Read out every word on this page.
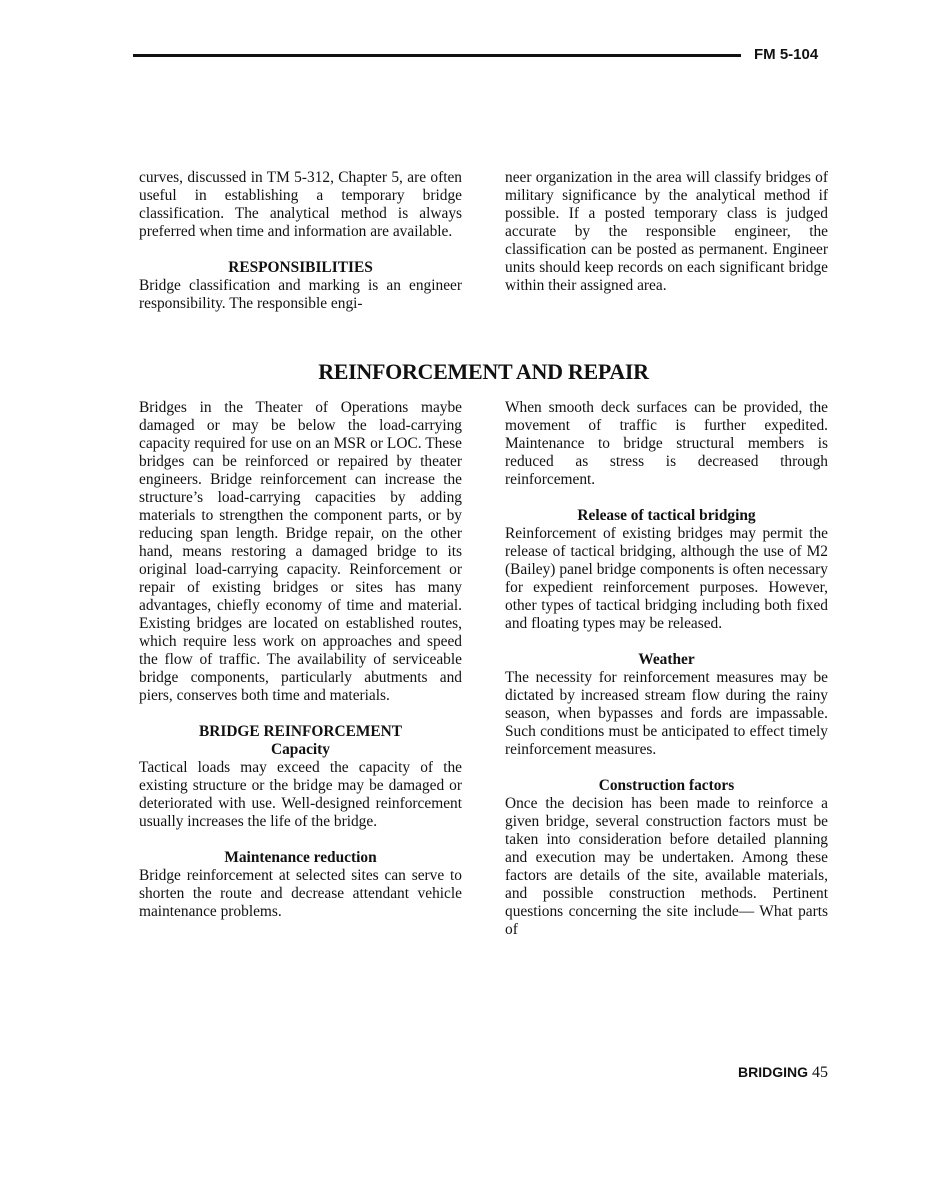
FM 5-104

curves, discussed in TM 5-312, Chapter 5, are often useful in establishing a temporary bridge classification. The analytical method is always preferred when time and information are available.

RESPONSIBILITIES

Bridge classification and marking is an engineer responsibility. The responsible engi-

neer organization in the area will classify bridges of military significance by the analytical method if possible. If a posted temporary class is judged accurate by the responsible engineer, the classification can be posted as permanent. Engineer units should keep records on each significant bridge within their assigned area.

REINFORCEMENT AND REPAIR

Bridges in the Theater of Operations maybe damaged or may be below the load-carrying capacity required for use on an MSR or LOC. These bridges can be reinforced or repaired by theater engineers. Bridge reinforcement can increase the structure’s load-carrying capacities by adding materials to strengthen the component parts, or by reducing span length. Bridge repair, on the other hand, means restoring a damaged bridge to its original load-carrying capacity. Reinforcement or repair of existing bridges or sites has many advantages, chiefly economy of time and material. Existing bridges are located on established routes, which require less work on approaches and speed the flow of traffic. The availability of serviceable bridge components, particularly abutments and piers, conserves both time and materials.

BRIDGE REINFORCEMENT
Capacity

Tactical loads may exceed the capacity of the existing structure or the bridge may be damaged or deteriorated with use. Well-designed reinforcement usually increases the life of the bridge.

Maintenance reduction

Bridge reinforcement at selected sites can serve to shorten the route and decrease attendant vehicle maintenance problems.

When smooth deck surfaces can be provided, the movement of traffic is further expedited. Maintenance to bridge structural members is reduced as stress is decreased through reinforcement.

Release of tactical bridging

Reinforcement of existing bridges may permit the release of tactical bridging, although the use of M2 (Bailey) panel bridge components is often necessary for expedient reinforcement purposes. However, other types of tactical bridging including both fixed and floating types may be released.

Weather

The necessity for reinforcement measures may be dictated by increased stream flow during the rainy season, when bypasses and fords are impassable. Such conditions must be anticipated to effect timely reinforcement measures.

Construction factors

Once the decision has been made to reinforce a given bridge, several construction factors must be taken into consideration before detailed planning and execution may be undertaken. Among these factors are details of the site, available materials, and possible construction methods. Pertinent questions concerning the site include— What parts of

BRIDGING 45
